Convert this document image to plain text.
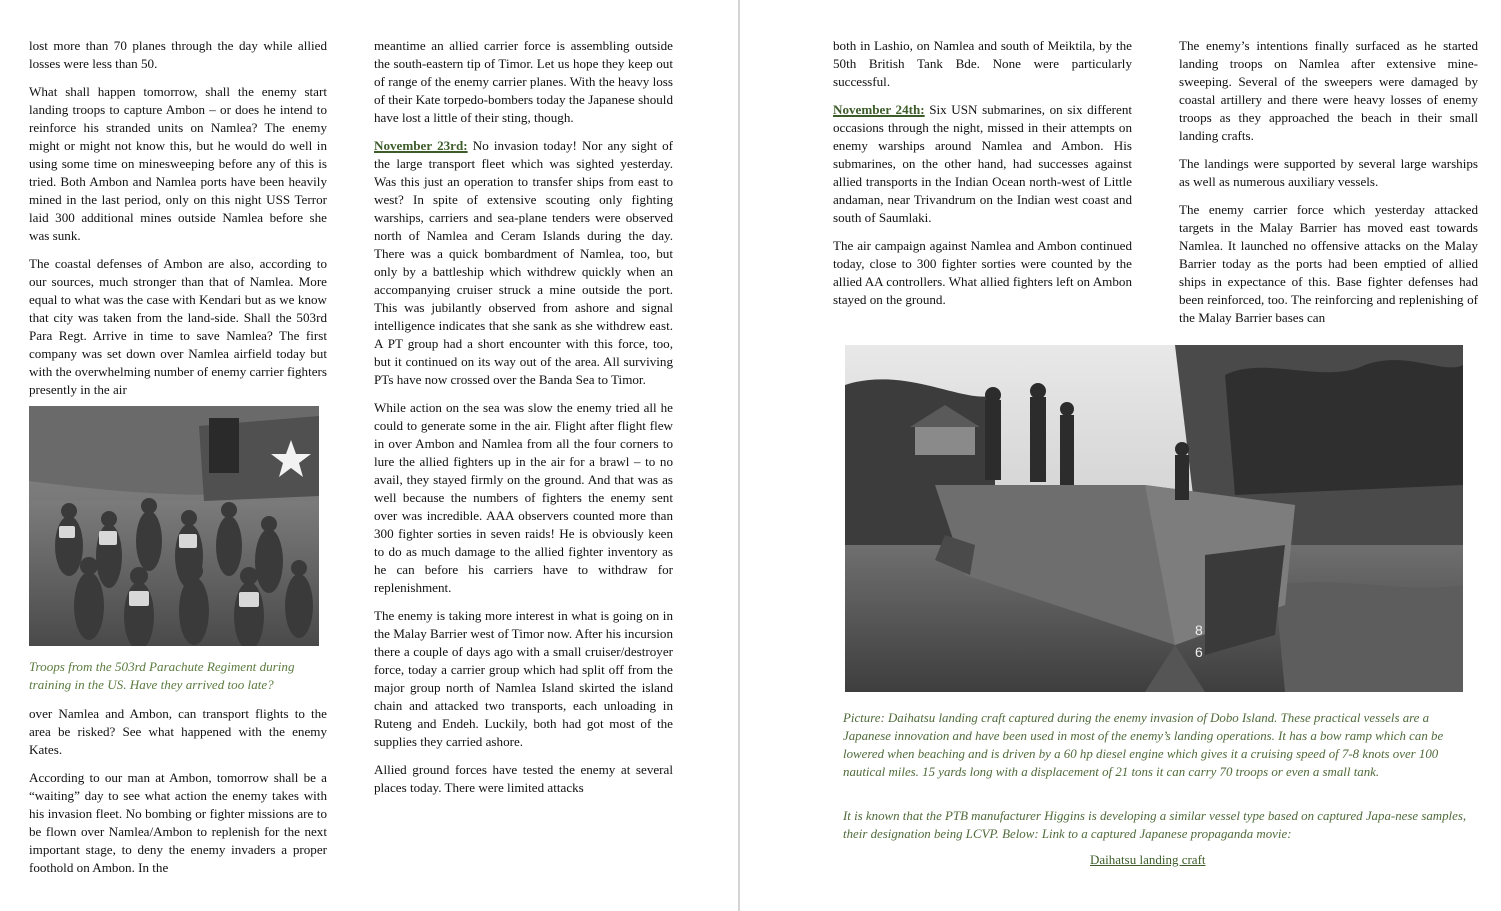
lost more than 70 planes through the day while allied losses were less than 50.

What shall happen tomorrow, shall the enemy start landing troops to capture Ambon – or does he intend to reinforce his stranded units on Namlea? The enemy might or might not know this, but he would do well in using some time on minesweeping before any of this is tried. Both Ambon and Namlea ports have been heavily mined in the last period, only on this night USS Terror laid 300 additional mines outside Namlea before she was sunk.

The coastal defenses of Ambon are also, according to our sources, much stronger than that of Namlea. More equal to what was the case with Kendari but as we know that city was taken from the land-side. Shall the 503rd Para Regt. Arrive in time to save Namlea? The first company was set down over Namlea airfield today but with the overwhelming number of enemy carrier fighters presently in the air

Troops from the 503rd Parachute Regiment during training in the US. Have they arrived too late?

over Namlea and Ambon, can transport flights to the area be risked? See what happened with the enemy Kates.

According to our man at Ambon, tomorrow shall be a “waiting” day to see what action the enemy takes with his invasion fleet. No bombing or fighter missions are to be flown over Namlea/Ambon to replenish for the next important stage, to deny the enemy invaders a proper foothold on Ambon. In the

meantime an allied carrier force is assembling outside the south-eastern tip of Timor. Let us hope they keep out of range of the enemy carrier planes. With the heavy loss of their Kate torpedo-bombers today the Japanese should have lost a little of their sting, though.

November 23rd: No invasion today! Nor any sight of the large transport fleet which was sighted yesterday. Was this just an operation to transfer ships from east to west? In spite of extensive scouting only fighting warships, carriers and sea-plane tenders were observed north of Namlea and Ceram Islands during the day. There was a quick bombardment of Namlea, too, but only by a battleship which withdrew quickly when an accompanying cruiser struck a mine outside the port. This was jubilantly observed from ashore and signal intelligence indicates that she sank as she withdrew east. A PT group had a short encounter with this force, too, but it continued on its way out of the area. All surviving PTs have now crossed over the Banda Sea to Timor.

While action on the sea was slow the enemy tried all he could to generate some in the air. Flight after flight flew in over Ambon and Namlea from all the four corners to lure the allied fighters up in the air for a brawl – to no avail, they stayed firmly on the ground. And that was as well because the numbers of fighters the enemy sent over was incredible. AAA observers counted more than 300 fighter sorties in seven raids! He is obviously keen to do as much damage to the allied fighter inventory as he can before his carriers have to withdraw for replenishment.

The enemy is taking more interest in what is going on in the Malay Barrier west of Timor now. After his incursion there a couple of days ago with a small cruiser/destroyer force, today a carrier group which had split off from the major group north of Namlea Island skirted the island chain and attacked two transports, each unloading in Ruteng and Endeh. Luckily, both had got most of the supplies they carried ashore.

Allied ground forces have tested the enemy at several places today. There were limited attacks

both in Lashio, on Namlea and south of Meiktila, by the 50th British Tank Bde. None were particularly successful.

November 24th: Six USN submarines, on six different occasions through the night, missed in their attempts on enemy warships around Namlea and Ambon. His submarines, on the other hand, had successes against allied transports in the Indian Ocean north-west of Little andaman, near Trivandrum on the Indian west coast and south of Saumlaki.

The air campaign against Namlea and Ambon continued today, close to 300 fighter sorties were counted by the allied AA controllers. What allied fighters left on Ambon stayed on the ground.

The enemy’s intentions finally surfaced as he started landing troops on Namlea after extensive mine-sweeping. Several of the sweepers were damaged by coastal artillery and there were heavy losses of enemy troops as they approached the beach in their small landing crafts.

The landings were supported by several large warships as well as numerous auxiliary vessels.

The enemy carrier force which yesterday attacked targets in the Malay Barrier has moved east towards Namlea. It launched no offensive attacks on the Malay Barrier today as the ports had been emptied of allied ships in expectance of this. Base fighter defenses had been reinforced, too. The reinforcing and replenishing of the Malay Barrier bases can

8
6
Picture: Daihatsu landing craft captured during the enemy invasion of Dobo Island. These practical vessels are a Japanese innovation and have been used in most of the enemy’s landing operations. It has a bow ramp which can be lowered when beaching and is driven by a 60 hp diesel engine which gives it a cruising speed of 7-8 knots over 100 nautical miles. 15 yards long with a displacement of 21 tons it can carry 70 troops or even a small tank.
It is known that the PTB manufacturer Higgins is developing a similar vessel type based on captured Japa-nese samples, their designation being LCVP. Below: Link to a captured Japanese propaganda movie:
Daihatsu landing craft
